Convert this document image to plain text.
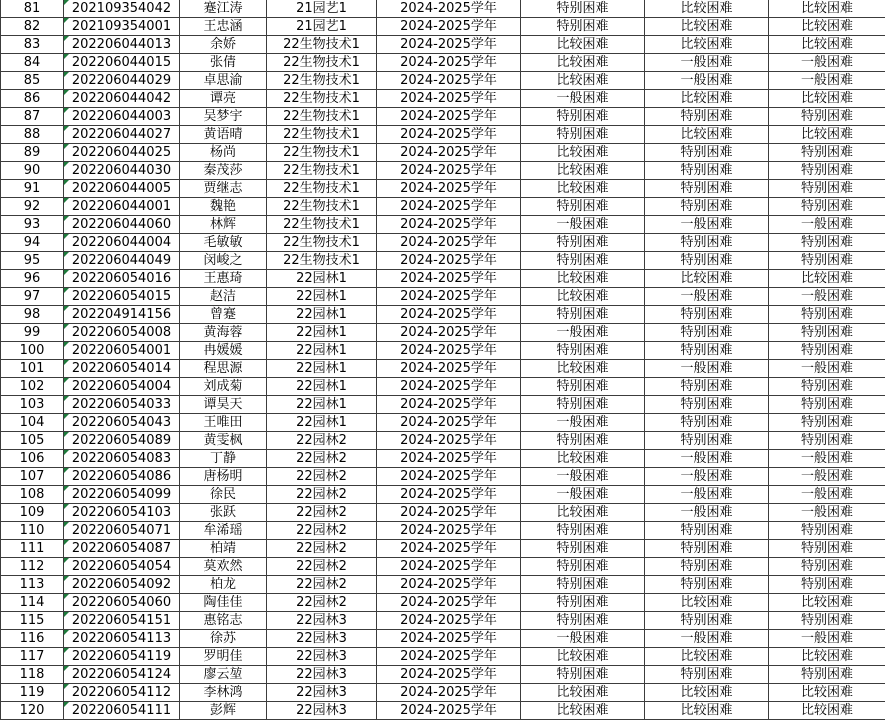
81	202109354042	蹇江涛	21园艺1	2024-2025学年	特别困难	比较困难	比较困难
82	202109354001	王忠涵	21园艺1	2024-2025学年	特别困难	比较困难	比较困难
83	202206044013	余娇	22生物技术1	2024-2025学年	比较困难	比较困难	比较困难
84	202206044015	张倩	22生物技术1	2024-2025学年	比较困难	一般困难	一般困难
85	202206044029	卓思渝	22生物技术1	2024-2025学年	比较困难	一般困难	一般困难
86	202206044042	谭亮	22生物技术1	2024-2025学年	一般困难	比较困难	比较困难
87	202206044003	吴梦宇	22生物技术1	2024-2025学年	特别困难	特别困难	特别困难
88	202206044027	黄语晴	22生物技术1	2024-2025学年	特别困难	比较困难	比较困难
89	202206044025	杨尚	22生物技术1	2024-2025学年	比较困难	特别困难	特别困难
90	202206044030	秦茂莎	22生物技术1	2024-2025学年	比较困难	特别困难	特别困难
91	202206044005	贾继志	22生物技术1	2024-2025学年	比较困难	特别困难	特别困难
92	202206044001	魏艳	22生物技术1	2024-2025学年	特别困难	特别困难	特别困难
93	202206044060	林辉	22生物技术1	2024-2025学年	一般困难	一般困难	一般困难
94	202206044004	毛敏敏	22生物技术1	2024-2025学年	特别困难	特别困难	特别困难
95	202206044049	闵峻之	22生物技术1	2024-2025学年	特别困难	特别困难	特别困难
96	202206054016	王惠琦	22园林1	2024-2025学年	比较困难	比较困难	比较困难
97	202206054015	赵洁	22园林1	2024-2025学年	比较困难	一般困难	一般困难
98	202204914156	曾蹇	22园林1	2024-2025学年	特别困难	特别困难	特别困难
99	202206054008	黄海蓉	22园林1	2024-2025学年	一般困难	特别困难	特别困难
100	202206054001	冉媛媛	22园林1	2024-2025学年	特别困难	特别困难	特别困难
101	202206054014	程思源	22园林1	2024-2025学年	比较困难	一般困难	一般困难
102	202206054004	刘成菊	22园林1	2024-2025学年	特别困难	特别困难	特别困难
103	202206054033	谭昊天	22园林1	2024-2025学年	特别困难	特别困难	特别困难
104	202206054043	王唯田	22园林1	2024-2025学年	一般困难	特别困难	特别困难
105	202206054089	黄雯枫	22园林2	2024-2025学年	特别困难	特别困难	特别困难
106	202206054083	丁静	22园林2	2024-2025学年	比较困难	一般困难	一般困难
107	202206054086	唐杨明	22园林2	2024-2025学年	一般困难	一般困难	一般困难
108	202206054099	徐民	22园林2	2024-2025学年	一般困难	一般困难	一般困难
109	202206054103	张跃	22园林2	2024-2025学年	比较困难	一般困难	一般困难
110	202206054071	牟浠瑶	22园林2	2024-2025学年	特别困难	特别困难	特别困难
111	202206054087	柏靖	22园林2	2024-2025学年	特别困难	特别困难	特别困难
112	202206054054	莫欢然	22园林2	2024-2025学年	特别困难	特别困难	特别困难
113	202206054092	柏龙	22园林2	2024-2025学年	特别困难	特别困难	特别困难
114	202206054060	陶佳佳	22园林2	2024-2025学年	特别困难	比较困难	比较困难
115	202206054151	惠铭志	22园林3	2024-2025学年	特别困难	特别困难	特别困难
116	202206054113	徐苏	22园林3	2024-2025学年	一般困难	一般困难	一般困难
117	202206054119	罗明佳	22园林3	2024-2025学年	比较困难	比较困难	比较困难
118	202206054124	廖云堃	22园林3	2024-2025学年	特别困难	特别困难	特别困难
119	202206054112	李林鸿	22园林3	2024-2025学年	比较困难	比较困难	比较困难
120	202206054111	彭辉	22园林3	2024-2025学年	比较困难	比较困难	比较困难
